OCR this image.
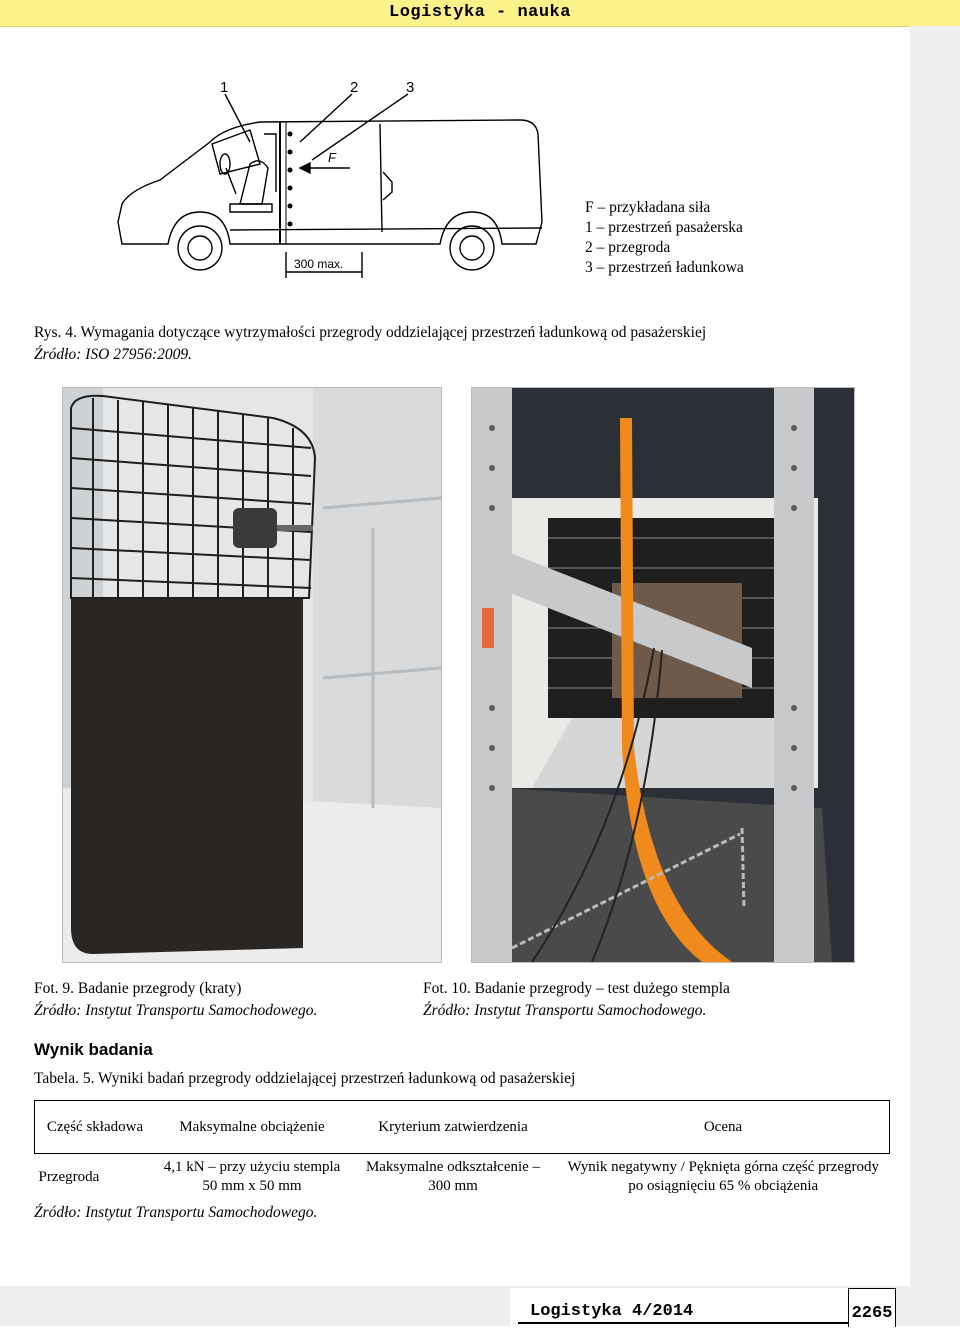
Logistyka - nauka
1	2	3
F
300 max.
F – przykładana siła
1 – przestrzeń pasażerska
2 – przegroda
3 – przestrzeń ładunkowa
Rys. 4. Wymagania dotyczące wytrzymałości przegrody oddzielającej przestrzeń ładunkową od pasażerskiej
Źródło: ISO 27956:2009.
Fot. 9. Badanie przegrody (kraty)
Źródło: Instytut Transportu Samochodowego.
Fot. 10. Badanie przegrody – test dużego stempla
Źródło: Instytut Transportu Samochodowego.
Wynik badania
Tabela. 5. Wyniki badań przegrody oddzielającej przestrzeń ładunkową od pasażerskiej
Część składowa	Maksymalne obciążenie	Kryterium zatwierdzenia	Ocena
Przegroda	4,1 kN – przy użyciu stempla 50 mm x 50 mm	Maksymalne odkształcenie – 300 mm	Wynik negatywny / Pęknięta górna część przegrody po osiągnięciu 65 % obciążenia
Źródło: Instytut Transportu Samochodowego.
Logistyka 4/2014	2265
